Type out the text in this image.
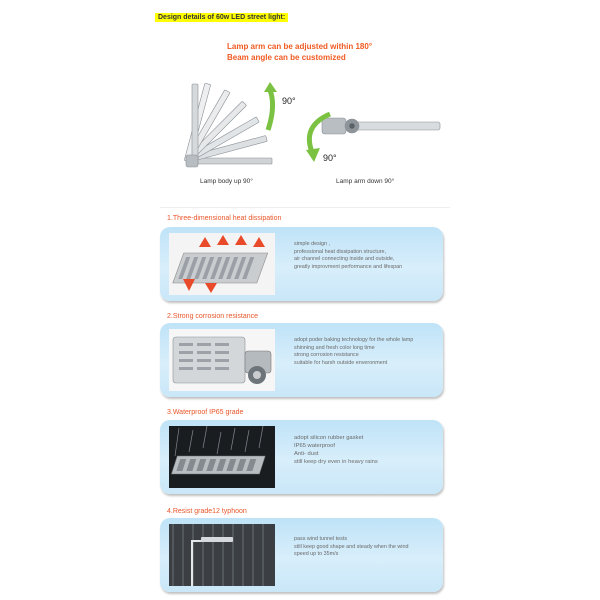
Design details of 60w LED street light:
Lamp arm can be adjusted within 180°
Beam angle can be customized
90°
90°
Lamp body up 90°	Lamp arm down 90°
1.Three-dimensional heat dissipation
simple design ,
professional heat dissipation structure,
air channel connecting inside and outside,
greatly improvment performance and lifespan
2.Strong corrosion resistance
adopt poder baking technology for the whole lamp
shinning and fresh color long time
strong corrosion resistance
suitable for harsh outside enveronment
3.Waterproof IP65 grade
adopt silicon rubber gasket
IP65 waterproof
Anti- dust
still keep dry even in heavy rains
4.Resist grade12 typhoon
pass wind tunnel tests
still keep good shape and steady when the wind
speed up to 35m/s
